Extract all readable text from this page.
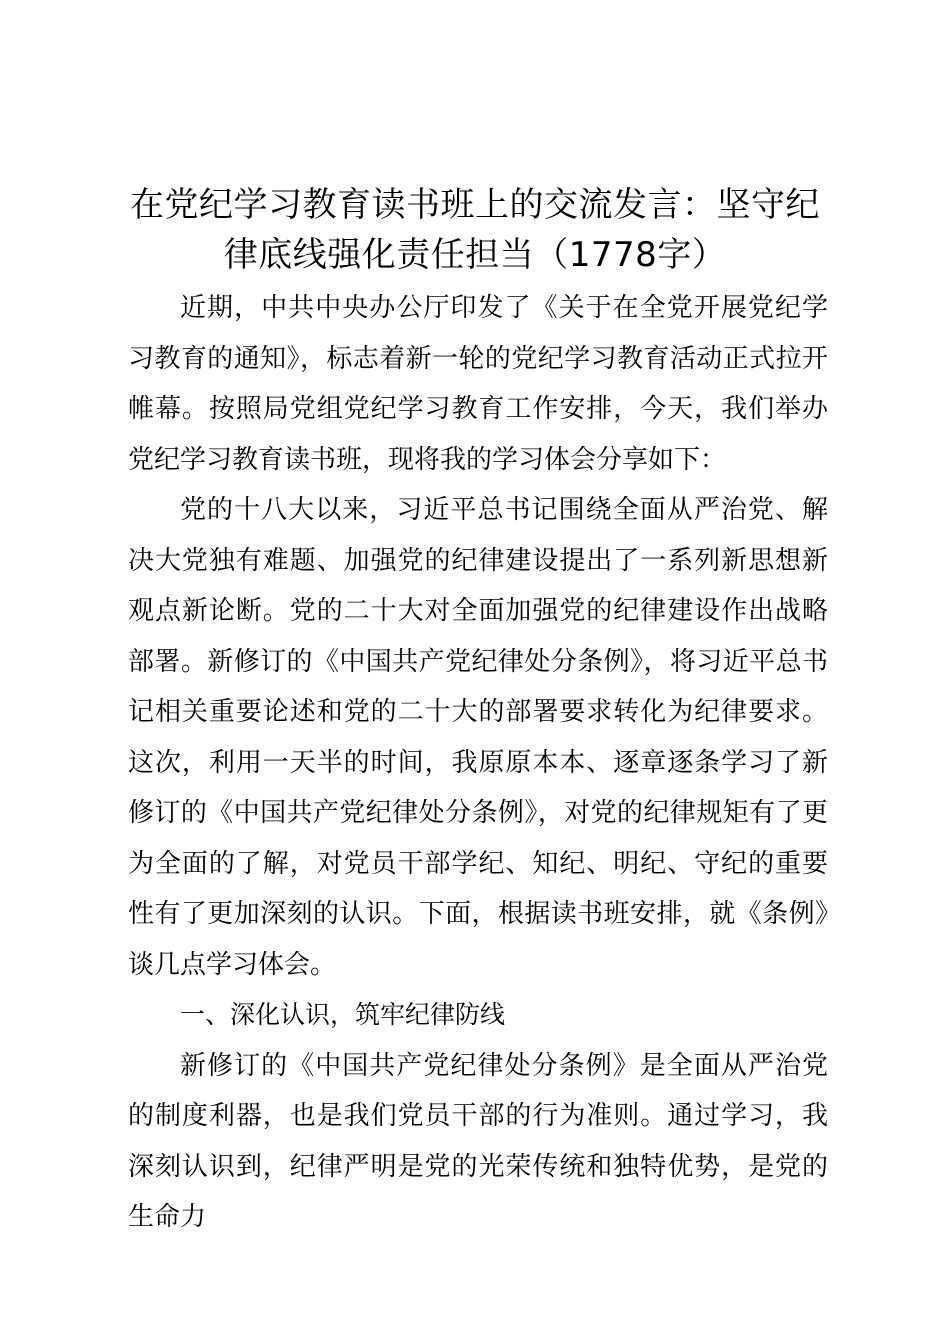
在党纪学习教育读书班上的交流发言：坚守纪律底线强化责任担当（1778字）

近期，中共中央办公厅印发了《关于在全党开展党纪学习教育的通知》，标志着新一轮的党纪学习教育活动正式拉开帷幕。按照局党组党纪学习教育工作安排，今天，我们举办党纪学习教育读书班，现将我的学习体会分享如下：

党的十八大以来，习近平总书记围绕全面从严治党、解决大党独有难题、加强党的纪律建设提出了一系列新思想新观点新论断。党的二十大对全面加强党的纪律建设作出战略部署。新修订的《中国共产党纪律处分条例》，将习近平总书记相关重要论述和党的二十大的部署要求转化为纪律要求。这次，利用一天半的时间，我原原本本、逐章逐条学习了新修订的《中国共产党纪律处分条例》，对党的纪律规矩有了更为全面的了解，对党员干部学纪、知纪、明纪、守纪的重要性有了更加深刻的认识。下面，根据读书班安排，就《条例》谈几点学习体会。

一、深化认识，筑牢纪律防线

新修订的《中国共产党纪律处分条例》是全面从严治党的制度利器，也是我们党员干部的行为准则。通过学习，我深刻认识到，纪律严明是党的光荣传统和独特优势，是党的生命力
